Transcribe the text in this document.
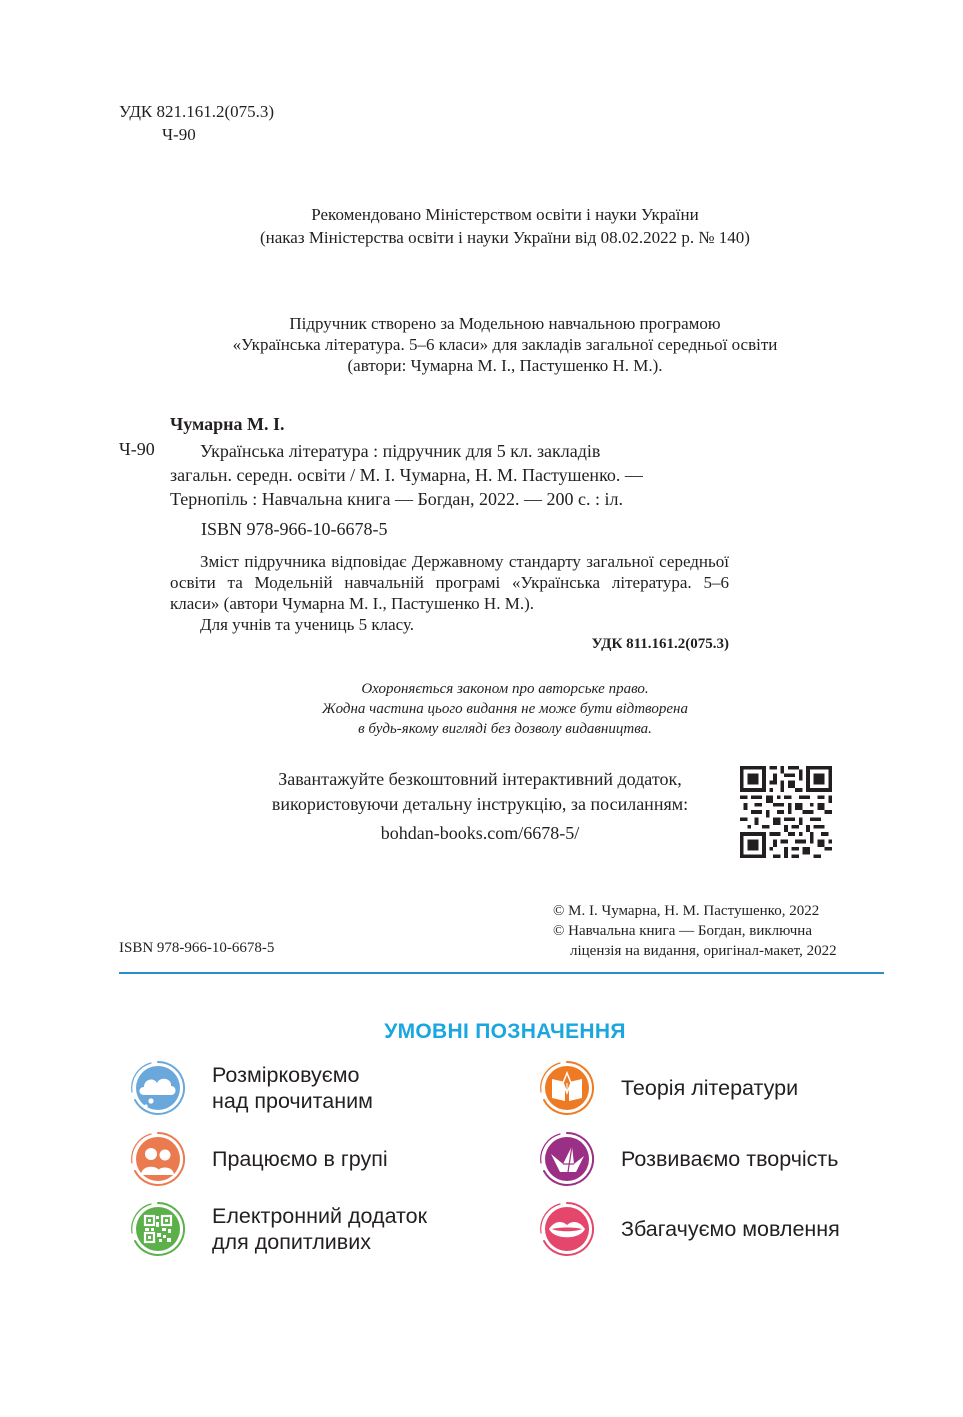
УДК 821.161.2(075.3)
Ч-90
Рекомендовано Міністерством освіти і науки України
(наказ Міністерства освіти і науки України від 08.02.2022 р. № 140)
Підручник створено за Модельною навчальною програмою
«Українська література. 5–6 класи» для закладів загальної середньої освіти
(автори: Чумарна М. І., Пастушенко Н. М.).
Чумарна М. І.
Ч-90	Українська література : підручник для 5 кл. закладів
загальн. середн. освіти / М. І. Чумарна, Н. М. Пастушенко. —
Тернопіль : Навчальна книга — Богдан, 2022. — 200 с. : іл.
ISBN 978-966-10-6678-5
Зміст підручника відповідає Державному стандарту загальної середньої освіти та Модельній навчальній програмі «Українська література. 5–6 класи» (автори Чумарна М. І., Пастушенко Н. М.).
Для учнів та учениць 5 класу.
УДК 811.161.2(075.3)
Охороняється законом про авторське право.
Жодна частина цього видання не може бути відтворена
в будь-якому вигляді без дозволу видавництва.
Завантажуйте безкоштовний інтерактивний додаток,
використовуючи детальну інструкцію, за посиланням:
bohdan-books.com/6678-5/
© М. І. Чумарна, Н. М. Пастушенко, 2022
© Навчальна книга — Богдан, виключна
ліцензія на видання, оригінал-макет, 2022
ISBN 978-966-10-6678-5
УМОВНІ ПОЗНАЧЕННЯ
Розмірковуємо
над прочитаним
Теорія літератури
Працюємо в групі	Розвиваємо творчість
Електронний додаток
для допитливих
Збагачуємо мовлення
